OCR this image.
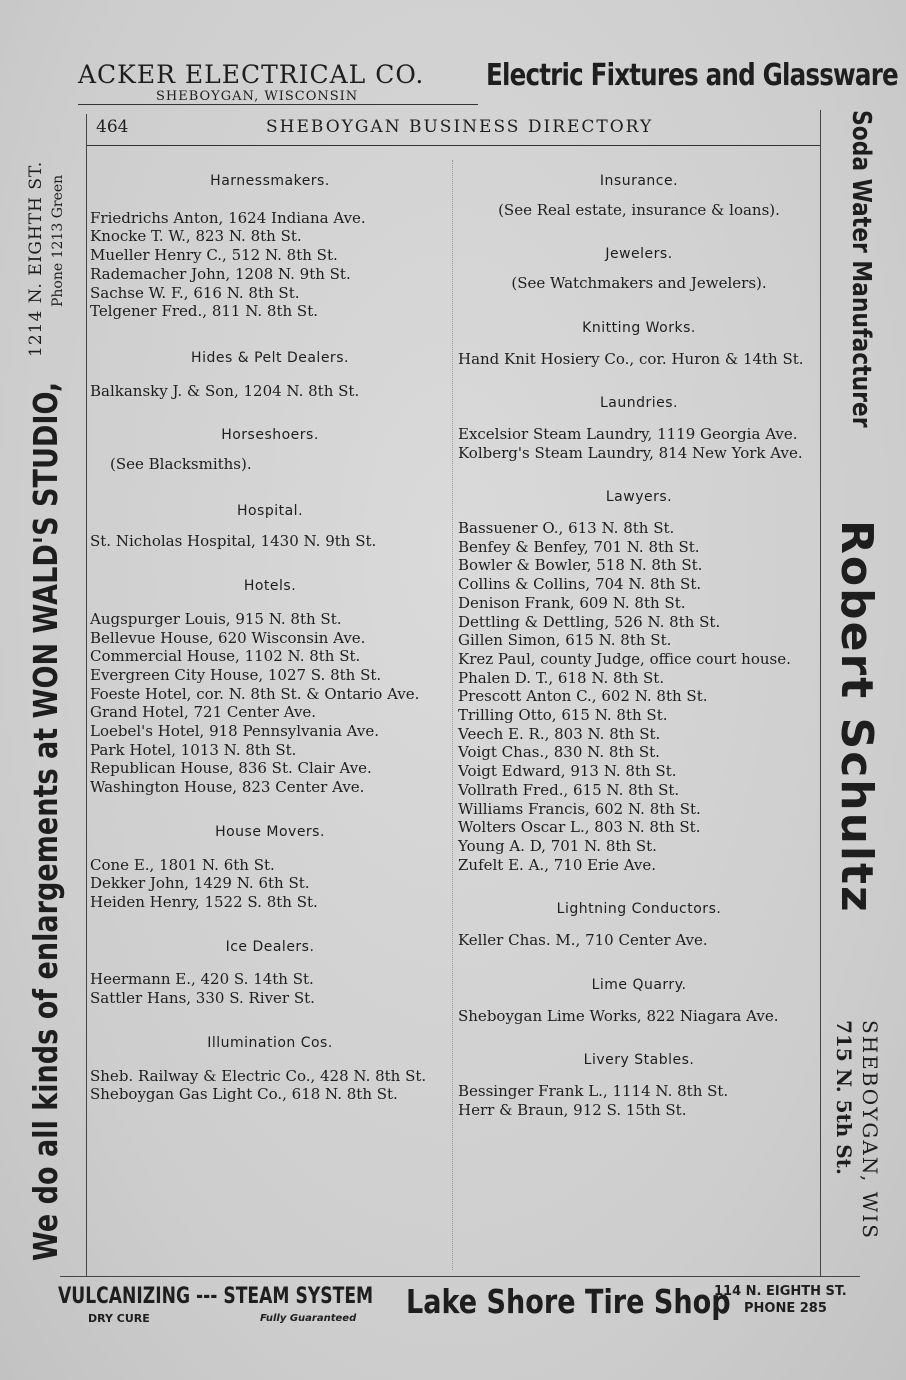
ACKER ELECTRICAL CO.
SHEBOYGAN, WISCONSIN
Electric Fixtures and Glassware
464	SHEBOYGAN BUSINESS DIRECTORY
We do all kinds of enlargements at WON WALD'S STUDIO,
1214 N. EIGHTH ST. Phone 1213 Green	Soda Water Manufacturer
Robert Schultz
SHEBOYGAN, WIS
715 N. 5th St.

Harnessmakers.

Friedrichs Anton, 1624 Indiana Ave.

Knocke T. W., 823 N. 8th St.

Mueller Henry C., 512 N. 8th St.

Rademacher John, 1208 N. 9th St.

Sachse W. F., 616 N. 8th St.

Telgener Fred., 811 N. 8th St.

Hides & Pelt Dealers.

Balkansky J. & Son, 1204 N. 8th St.

Horseshoers.

(See Blacksmiths).

Hospital.

St. Nicholas Hospital, 1430 N. 9th St.

Hotels.

Augspurger Louis, 915 N. 8th St.

Bellevue House, 620 Wisconsin Ave.

Commercial House, 1102 N. 8th St.

Evergreen City House, 1027 S. 8th St.

Foeste Hotel, cor. N. 8th St. & Ontario Ave.

Grand Hotel, 721 Center Ave.

Loebel's Hotel, 918 Pennsylvania Ave.

Park Hotel, 1013 N. 8th St.

Republican House, 836 St. Clair Ave.

Washington House, 823 Center Ave.

House Movers.

Cone E., 1801 N. 6th St.

Dekker John, 1429 N. 6th St.

Heiden Henry, 1522 S. 8th St.

Ice Dealers.

Heermann E., 420 S. 14th St.

Sattler Hans, 330 S. River St.

Illumination Cos.

Sheb. Railway & Electric Co., 428 N. 8th St.

Sheboygan Gas Light Co., 618 N. 8th St.

Insurance.

(See Real estate, insurance & loans).

Jewelers.

(See Watchmakers and Jewelers).

Knitting Works.

Hand Knit Hosiery Co., cor. Huron & 14th St.

Laundries.

Excelsior Steam Laundry, 1119 Georgia Ave.

Kolberg's Steam Laundry, 814 New York Ave.

Lawyers.

Bassuener O., 613 N. 8th St.

Benfey & Benfey, 701 N. 8th St.

Bowler & Bowler, 518 N. 8th St.

Collins & Collins, 704 N. 8th St.

Denison Frank, 609 N. 8th St.

Dettling & Dettling, 526 N. 8th St.

Gillen Simon, 615 N. 8th St.

Krez Paul, county Judge, office court house.

Phalen D. T., 618 N. 8th St.

Prescott Anton C., 602 N. 8th St.

Trilling Otto, 615 N. 8th St.

Veech E. R., 803 N. 8th St.

Voigt Chas., 830 N. 8th St.

Voigt Edward, 913 N. 8th St.

Vollrath Fred., 615 N. 8th St.

Williams Francis, 602 N. 8th St.

Wolters Oscar L., 803 N. 8th St.

Young A. D, 701 N. 8th St.

Zufelt E. A., 710 Erie Ave.

Lightning Conductors.

Keller Chas. M., 710 Center Ave.

Lime Quarry.

Sheboygan Lime Works, 822 Niagara Ave.

Livery Stables.

Bessinger Frank L., 1114 N. 8th St.

Herr & Braun, 912 S. 15th St.

VULCANIZING --- STEAM SYSTEM
DRY CURE	Fully Guaranteed Lake Shore Tire Shop
114 N. EIGHTH ST.
PHONE 285
